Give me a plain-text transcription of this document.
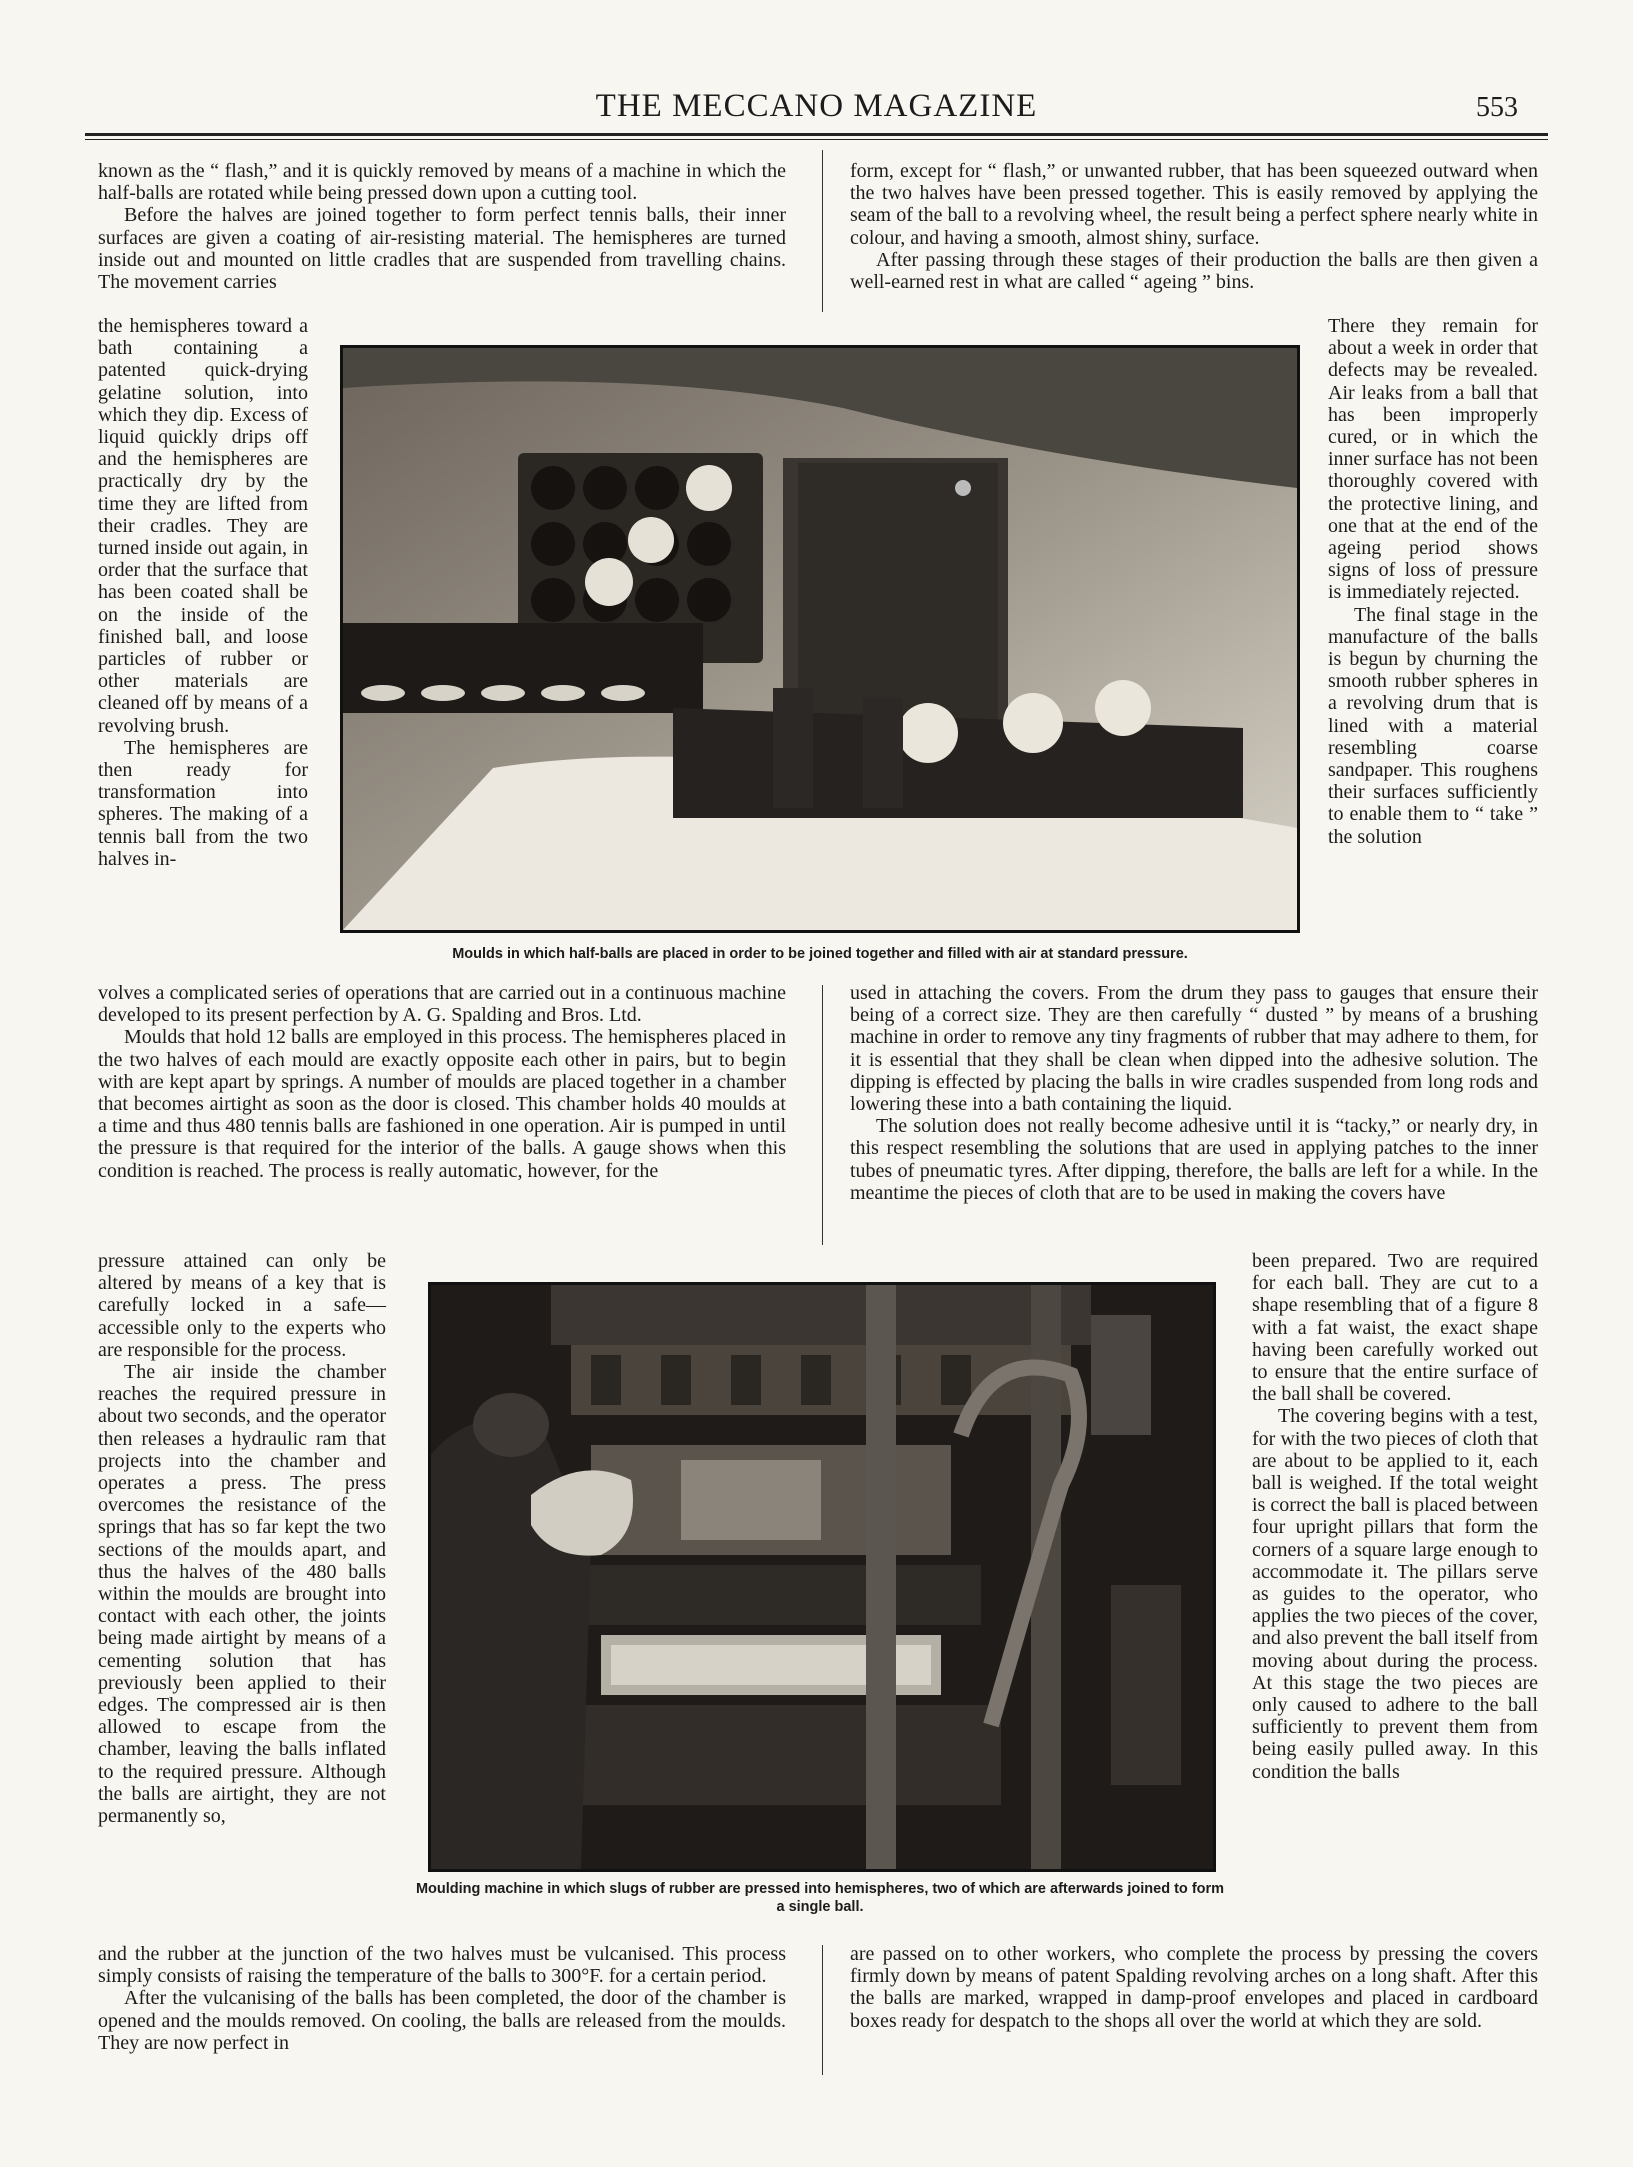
THE MECCANO MAGAZINE	553

known as the “ flash,” and it is quickly removed by means of a machine in which the half-balls are rotated while being pressed down upon a cutting tool.

Before the halves are joined together to form perfect tennis balls, their inner surfaces are given a coating of air-resisting material. The hemispheres are turned inside out and mounted on little cradles that are suspended from travelling chains. The movement carries

the hemispheres toward a bath containing a patented quick-drying gelatine solution, into which they dip. Excess of liquid quickly drips off and the hemispheres are practically dry by the time they are lifted from their cradles. They are turned inside out again, in order that the surface that has been coated shall be on the inside of the finished ball, and loose particles of rubber or other materials are cleaned off by means of a revolving brush.

The hemispheres are then ready for transformation into spheres. The making of a tennis ball from the two halves in-

Moulds in which half-balls are placed in order to be joined together and filled with air at standard pressure.

form, except for “ flash,” or unwanted rubber, that has been squeezed outward when the two halves have been pressed together. This is easily removed by applying the seam of the ball to a revolving wheel, the result being a perfect sphere nearly white in colour, and having a smooth, almost shiny, surface.

After passing through these stages of their production the balls are then given a well-earned rest in what are called “ ageing ” bins.

There they remain for about a week in order that defects may be revealed. Air leaks from a ball that has been improperly cured, or in which the inner surface has not been thoroughly covered with the protective lining, and one that at the end of the ageing period shows signs of loss of pressure is immediately rejected.

The final stage in the manufacture of the balls is begun by churning the smooth rubber spheres in a revolving drum that is lined with a material resembling coarse sandpaper. This roughens their surfaces sufficiently to enable them to “ take ” the solution

volves a complicated series of operations that are carried out in a continuous machine developed to its present perfection by A. G. Spalding and Bros. Ltd.

Moulds that hold 12 balls are employed in this process. The hemispheres placed in the two halves of each mould are exactly opposite each other in pairs, but to begin with are kept apart by springs. A number of moulds are placed together in a chamber that becomes airtight as soon as the door is closed. This chamber holds 40 moulds at a time and thus 480 tennis balls are fashioned in one operation. Air is pumped in until the pressure is that required for the interior of the balls. A gauge shows when this condition is reached. The process is really automatic, however, for the

used in attaching the covers. From the drum they pass to gauges that ensure their being of a correct size. They are then carefully “ dusted ” by means of a brushing machine in order to remove any tiny fragments of rubber that may adhere to them, for it is essential that they shall be clean when dipped into the adhesive solution. The dipping is effected by placing the balls in wire cradles suspended from long rods and lowering these into a bath containing the liquid.

The solution does not really become adhesive until it is “tacky,” or nearly dry, in this respect resembling the solutions that are used in applying patches to the inner tubes of pneumatic tyres. After dipping, therefore, the balls are left for a while. In the meantime the pieces of cloth that are to be used in making the covers have

pressure attained can only be altered by means of a key that is carefully locked in a safe—accessible only to the experts who are responsible for the process.

The air inside the chamber reaches the required pressure in about two seconds, and the operator then releases a hydraulic ram that projects into the chamber and operates a press. The press overcomes the resistance of the springs that has so far kept the two sections of the moulds apart, and thus the halves of the 480 balls within the moulds are brought into contact with each other, the joints being made airtight by means of a cementing solution that has previously been applied to their edges. The compressed air is then allowed to escape from the chamber, leaving the balls inflated to the required pressure. Although the balls are airtight, they are not permanently so,

Moulding machine in which slugs of rubber are pressed into hemispheres, two of which are afterwards joined to form a single ball.

been prepared. Two are required for each ball. They are cut to a shape resembling that of a figure 8 with a fat waist, the exact shape having been carefully worked out to ensure that the entire surface of the ball shall be covered.

The covering begins with a test, for with the two pieces of cloth that are about to be applied to it, each ball is weighed. If the total weight is correct the ball is placed between four upright pillars that form the corners of a square large enough to accommodate it. The pillars serve as guides to the operator, who applies the two pieces of the cover, and also prevent the ball itself from moving about during the process. At this stage the two pieces are only caused to adhere to the ball sufficiently to prevent them from being easily pulled away. In this condition the balls

and the rubber at the junction of the two halves must be vulcanised. This process simply consists of raising the temperature of the balls to 300°F. for a certain period.

After the vulcanising of the balls has been completed, the door of the chamber is opened and the moulds removed. On cooling, the balls are released from the moulds. They are now perfect in

are passed on to other workers, who complete the process by pressing the covers firmly down by means of patent Spalding revolving arches on a long shaft. After this the balls are marked, wrapped in damp-proof envelopes and placed in cardboard boxes ready for despatch to the shops all over the world at which they are sold.
